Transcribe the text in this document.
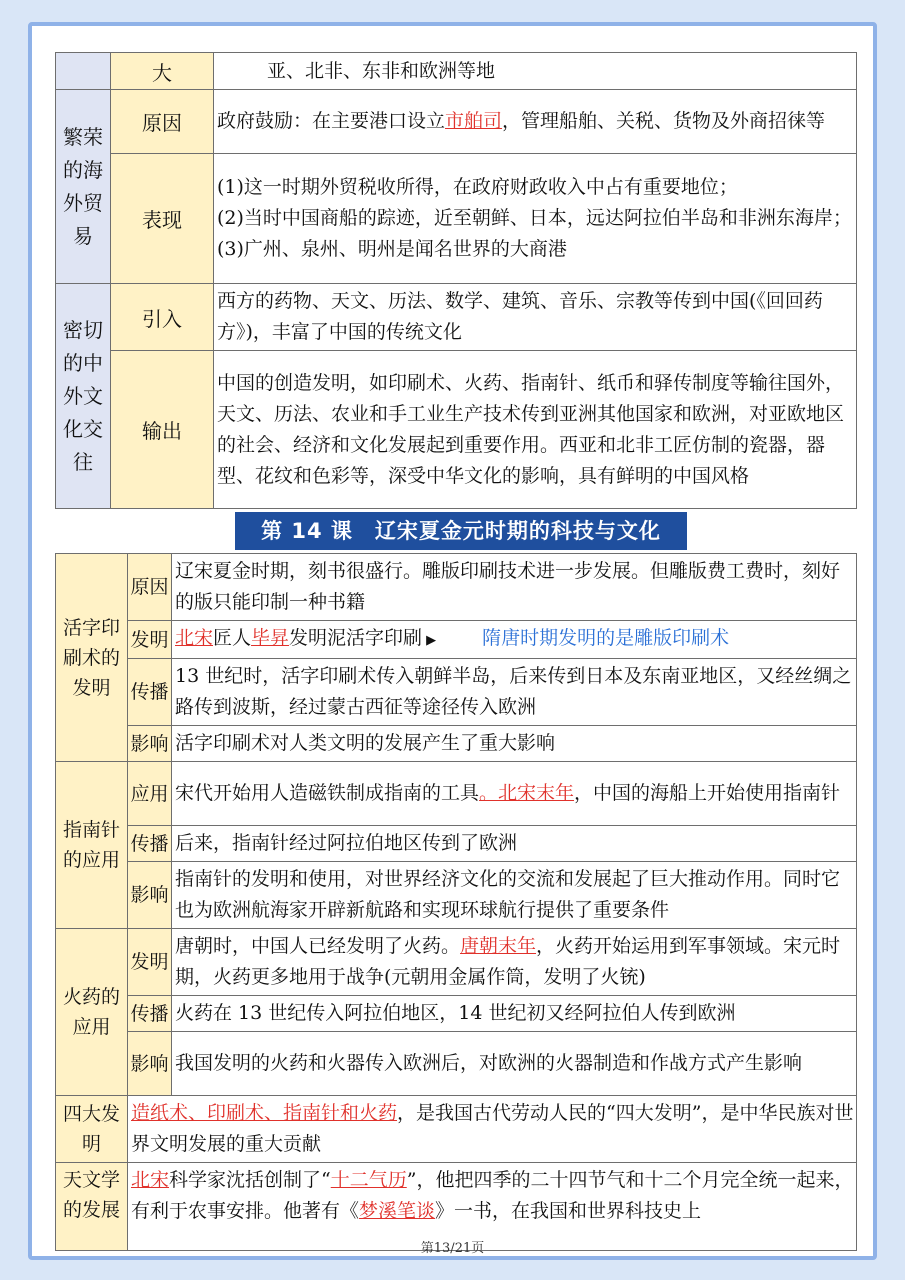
	大	亚、北非、东非和欧洲等地
繁荣的海外贸易	原因	政府鼓励：在主要港口设立市舶司，管理船舶、关税、货物及外商招徕等
	表现	(1)这一时期外贸税收所得，在政府财政收入中占有重要地位；
(2)当时中国商船的踪迹，近至朝鲜、日本，远达阿拉伯半岛和非洲东海岸；
(3)广州、泉州、明州是闻名世界的大商港

密切的中外文化交往	引入	西方的药物、天文、历法、数学、建筑、音乐、宗教等传到中国(《回回药方》)，丰富了中国的传统文化
	输出	中国的创造发明，如印刷术、火药、指南针、纸币和驿传制度等输往国外，天文、历法、农业和手工业生产技术传到亚洲其他国家和欧洲，对亚欧地区的社会、经济和文化发展起到重要作用。西亚和北非工匠仿制的瓷器，器型、花纹和色彩等，深受中华文化的影响，具有鲜明的中国风格
第 14 课　辽宋夏金元时期的科技与文化
活字印刷术的发明	原因	辽宋夏金时期，刻书很盛行。雕版印刷技术进一步发展。但雕版费工费时，刻好的版只能印制一种书籍
	发明	北宋匠人毕昇发明泥活字印刷 ▶ 隋唐时期发明的是雕版印刷术
	传播	13 世纪时，活字印刷术传入朝鲜半岛，后来传到日本及东南亚地区，又经丝绸之路传到波斯，经过蒙古西征等途径传入欧洲
	影响	活字印刷术对人类文明的发展产生了重大影响
指南针的应用	应用	宋代开始用人造磁铁制成指南的工具。北宋末年，中国的海船上开始使用指南针
	传播	后来，指南针经过阿拉伯地区传到了欧洲
	影响	指南针的发明和使用，对世界经济文化的交流和发展起了巨大推动作用。同时它也为欧洲航海家开辟新航路和实现环球航行提供了重要条件
火药的应用	发明	唐朝时，中国人已经发明了火药。唐朝末年，火药开始运用到军事领域。宋元时期，火药更多地用于战争(元朝用金属作筒，发明了火铳)
	传播	火药在 13 世纪传入阿拉伯地区，14 世纪初又经阿拉伯人传到欧洲
	影响	我国发明的火药和火器传入欧洲后，对欧洲的火器制造和作战方式产生影响
四大发明	造纸术、印刷术、指南针和火药，是我国古代劳动人民的“四大发明”，是中华民族对世界文明发展的重大贡献	
天文学的发展	北宋科学家沈括创制了“十二气历”，他把四季的二十四节气和十二个月完全统一起来，有利于农事安排。他著有《梦溪笔谈》一书，在我国和世界科技史上	
第13/21页
